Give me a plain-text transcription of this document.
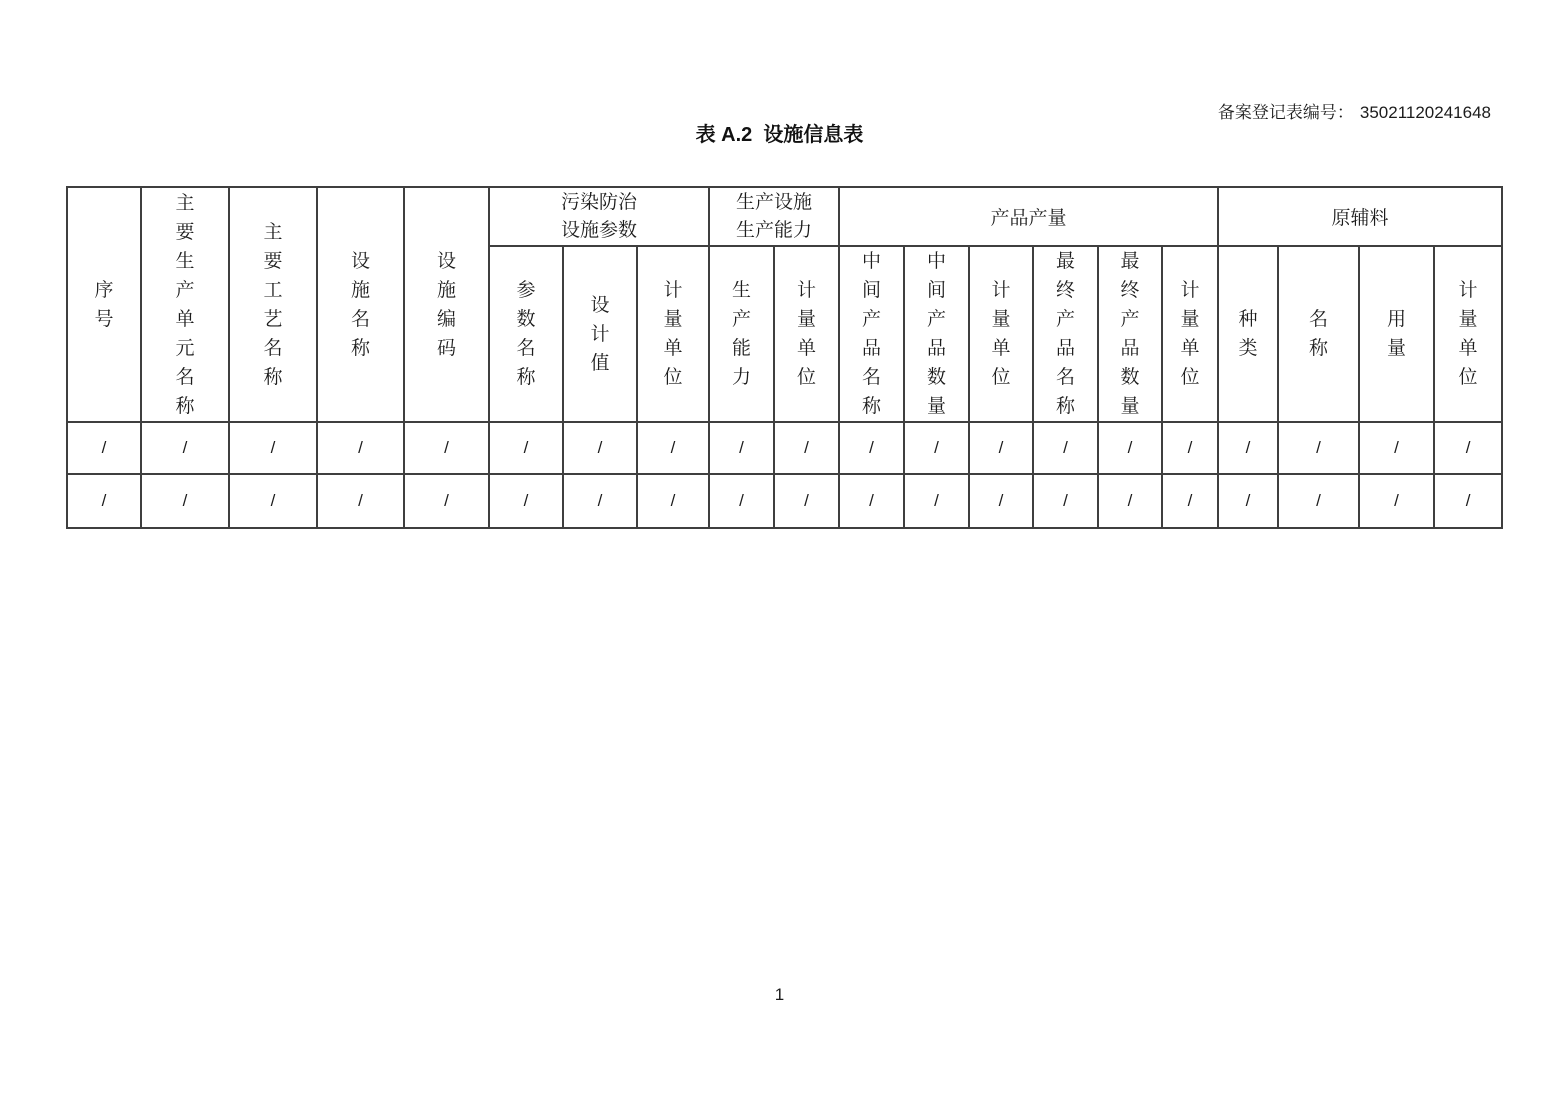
备案登记表编号： 35021120241648

表 A.2  设施信息表
序号	主要生产单元名称	主要工艺名称	设施名称	设施编码	污染防治设施参数			生产设施生产能力		产品产量						原辅料			
					参数名称	设计值	计量单位	生产能力	计量单位	中间产品名称	中间产品数量	计量单位	最终产品名称	最终产品数量	计量单位	种类	名称	用量	计量单位
/	/	/	/	/	/	/	/	/	/	/	/	/	/	/	/	/	/	/	/
/	/	/	/	/	/	/	/	/	/	/	/	/	/	/	/	/	/	/	/
1
